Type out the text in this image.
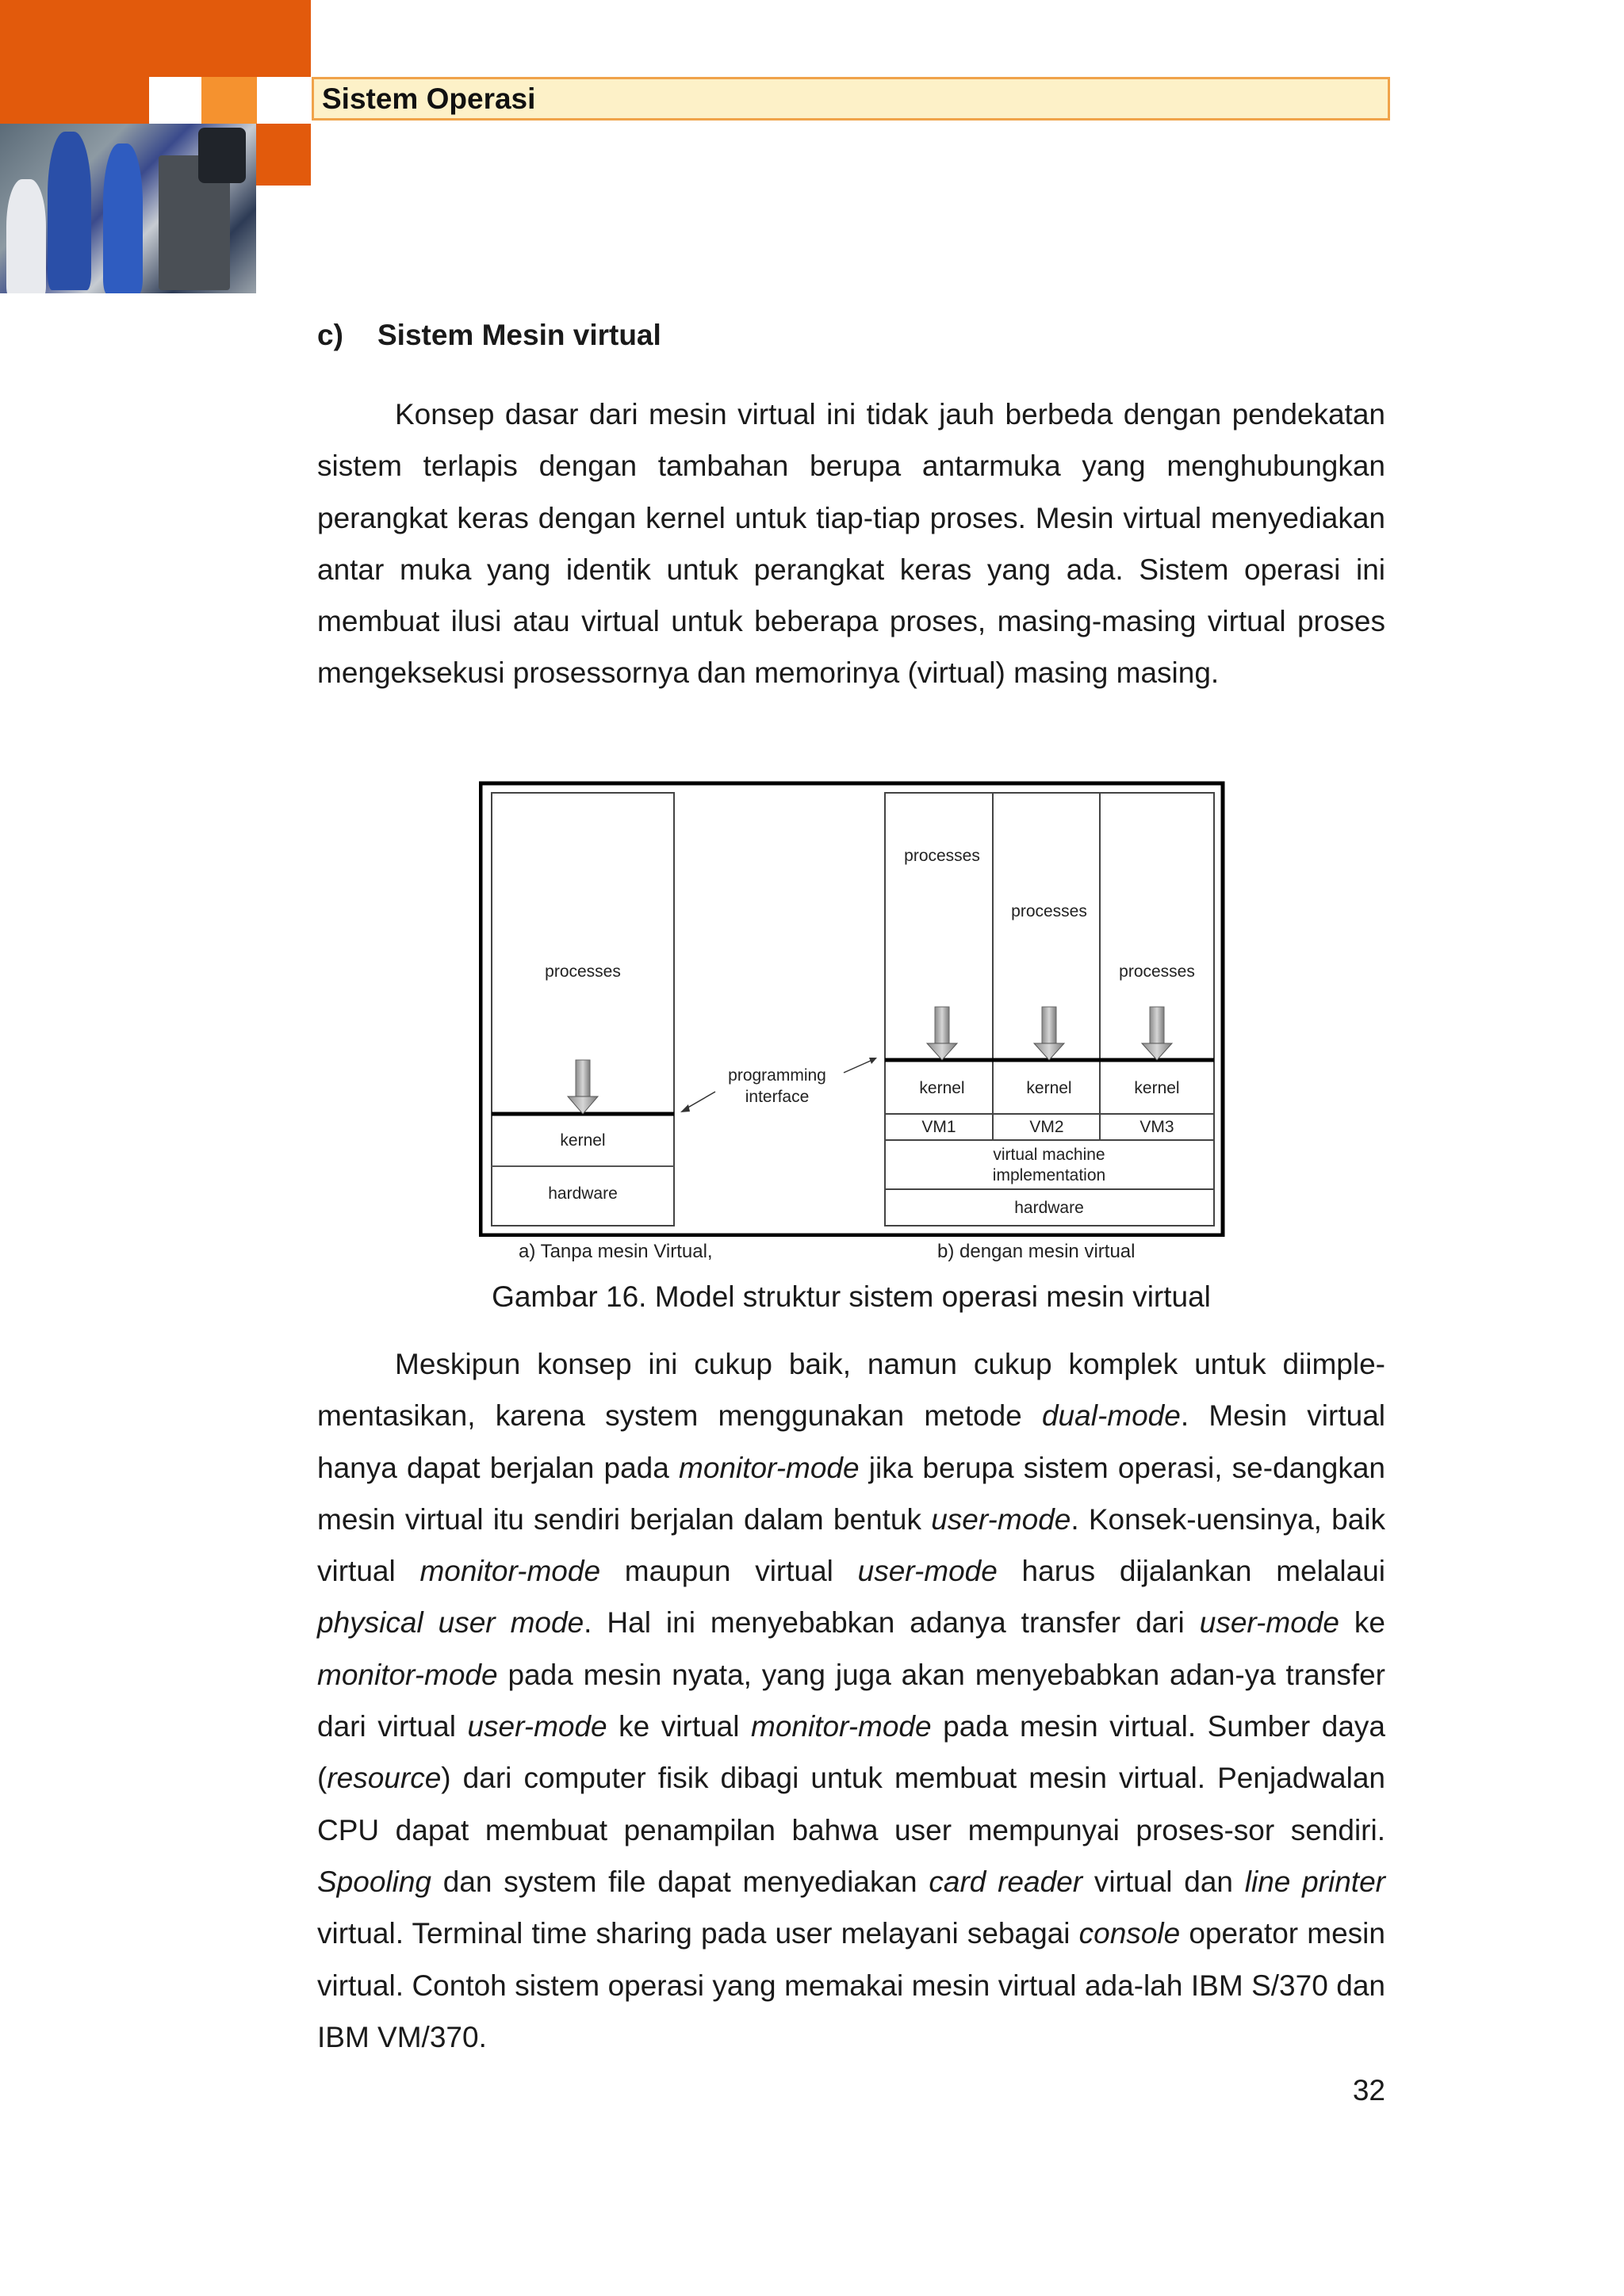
Sistem Operasi
c) Sistem Mesin virtual

Konsep dasar dari mesin virtual ini tidak jauh berbeda dengan pendekatan sistem terlapis dengan tambahan berupa antarmuka yang menghubungkan perangkat keras dengan kernel untuk tiap-tiap proses. Mesin virtual menyediakan antar muka yang identik untuk perangkat keras yang ada. Sistem operasi ini membuat ilusi atau virtual untuk beberapa proses, masing-masing virtual proses mengeksekusi prosessornya dan memorinya (virtual) masing masing.

processes
kernel
hardware
programming
interface
processes
processes
processes
kernel	kernel	kernel
VM1	VM2	VM3
virtual machine
implementation
hardware
a) Tanpa mesin Virtual,	b) dengan mesin virtual
Gambar 16. Model struktur sistem operasi mesin virtual

Meskipun konsep ini cukup baik, namun cukup komplek untuk diimple-mentasikan, karena system menggunakan metode dual-mode. Mesin virtual hanya dapat berjalan pada monitor-mode jika berupa sistem operasi, se-dangkan mesin virtual itu sendiri berjalan dalam bentuk user-mode. Konsek-uensinya, baik virtual monitor-mode maupun virtual user-mode harus dijalankan melalaui physical user mode. Hal ini menyebabkan adanya transfer dari user-mode ke monitor-mode pada mesin nyata, yang juga akan menyebabkan adan-ya transfer dari virtual user-mode ke virtual monitor-mode pada mesin virtual. Sumber daya (resource) dari computer fisik dibagi untuk membuat mesin virtual. Penjadwalan CPU dapat membuat penampilan bahwa user mempunyai proses-sor sendiri. Spooling dan system file dapat menyediakan card reader virtual dan line printer virtual. Terminal time sharing pada user melayani sebagai console operator mesin virtual. Contoh sistem operasi yang memakai mesin virtual ada-lah IBM S/370 dan IBM VM/370.

32
